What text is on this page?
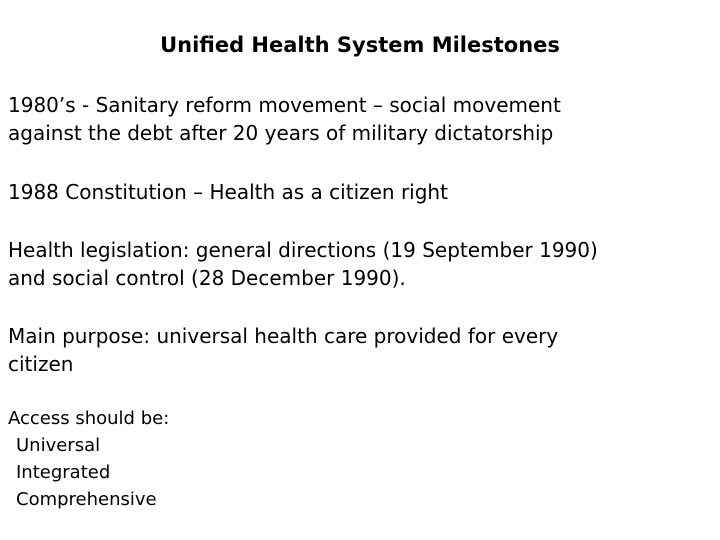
Unified Health System Milestones
1980’s - Sanitary reform movement – social movement
against the debt after 20 years of military dictatorship
1988 Constitution – Health as a citizen right
Health legislation: general directions (19 September 1990)
and social control (28 December 1990).
Main purpose: universal health care provided for every
citizen
Access should be:
Universal
Integrated
Comprehensive
